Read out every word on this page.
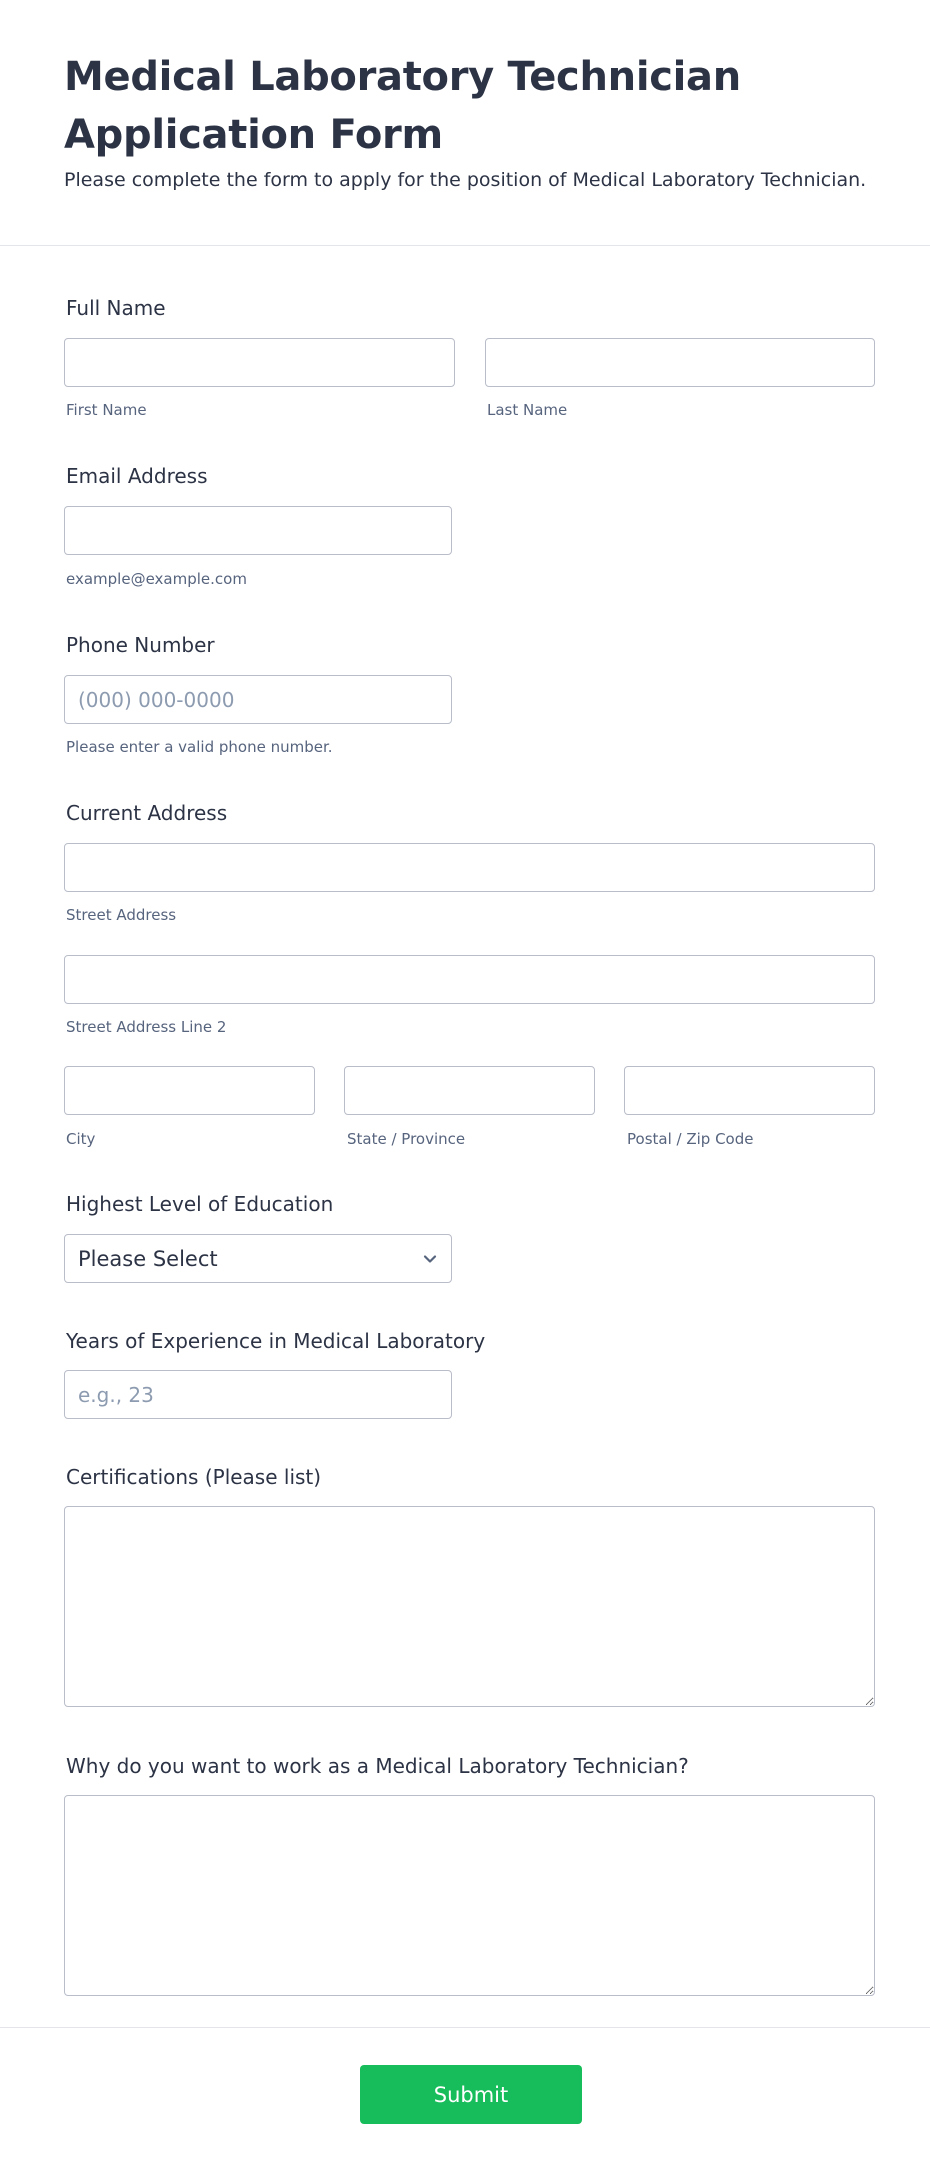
Medical Laboratory Technician Application Form

Please complete the form to apply for the position of Medical Laboratory Technician.

Full Name
First Name	Last Name
Email Address
example@example.com
Phone Number
(000) 000-0000
Please enter a valid phone number.
Current Address
Street Address
Street Address Line 2
City	State / Province	Postal / Zip Code
Highest Level of Education
Please Select
Years of Experience in Medical Laboratory
e.g., 23
Certifications (Please list)
Why do you want to work as a Medical Laboratory Technician?
Submit
